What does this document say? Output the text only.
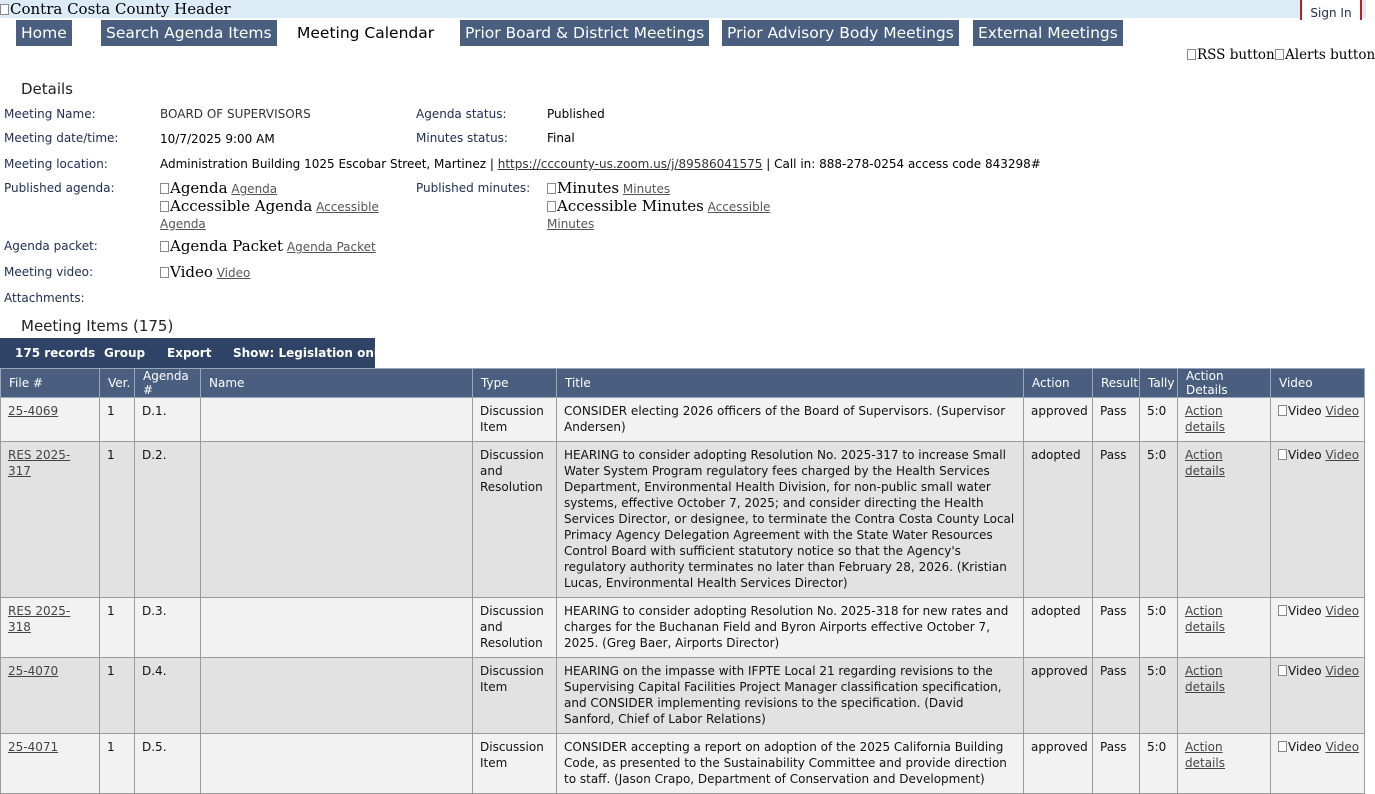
Contra Costa County Header	Sign In
Home	Search Agenda Items	Meeting Calendar	Prior Board & District Meetings	Prior Advisory Body Meetings	External Meetings
RSS button Alerts button
Details
Meeting Name:	BOARD OF SUPERVISORS	Agenda status:	Published
Meeting date/time:	10/7/2025 9:00 AM	Minutes status:	Final
Meeting location:	Administration Building 1025 Escobar Street, Martinez | https://cccounty-us.zoom.us/j/89586041575 | Call in: 888-278-0254 access code 843298#
Published agenda:	Agenda Agenda
Accessible Agenda Accessible
Agenda
Published minutes:	Minutes Minutes
Accessible Minutes Accessible
Minutes
Agenda packet:	Agenda Packet Agenda Packet
Meeting video:	Video Video
Attachments:
Meeting Items (175)
175 records Group Export Show: Legislation only
File #	Ver.	Agenda #	Name	Type	Title	Action	Result	Tally	Action Details	Video
25-4069	1	D.1.		Discussion Item	CONSIDER electing 2026 officers of the Board of Supervisors. (Supervisor Andersen)	approved	Pass	5:0	Action details	Video Video
RES 2025-317	1	D.2.		Discussion and Resolution	HEARING to consider adopting Resolution No. 2025-317 to increase Small Water System Program regulatory fees charged by the Health Services Department, Environmental Health Division, for non-public small water systems, effective October 7, 2025; and consider directing the Health Services Director, or designee, to terminate the Contra Costa County Local Primacy Agency Delegation Agreement with the State Water Resources Control Board with sufficient statutory notice so that the Agency's regulatory authority terminates no later than February 28, 2026. (Kristian Lucas, Environmental Health Services Director)	adopted	Pass	5:0	Action details	Video Video
RES 2025-318	1	D.3.		Discussion and Resolution	HEARING to consider adopting Resolution No. 2025-318 for new rates and charges for the Buchanan Field and Byron Airports effective October 7, 2025. (Greg Baer, Airports Director)	adopted	Pass	5:0	Action details	Video Video
25-4070	1	D.4.		Discussion Item	HEARING on the impasse with IFPTE Local 21 regarding revisions to the Supervising Capital Facilities Project Manager classification specification, and CONSIDER implementing revisions to the specification. (David Sanford, Chief of Labor Relations)	approved	Pass	5:0	Action details	Video Video
25-4071	1	D.5.		Discussion Item	CONSIDER accepting a report on adoption of the 2025 California Building Code, as presented to the Sustainability Committee and provide direction to staff. (Jason Crapo, Department of Conservation and Development)	approved	Pass	5:0	Action details	Video Video
